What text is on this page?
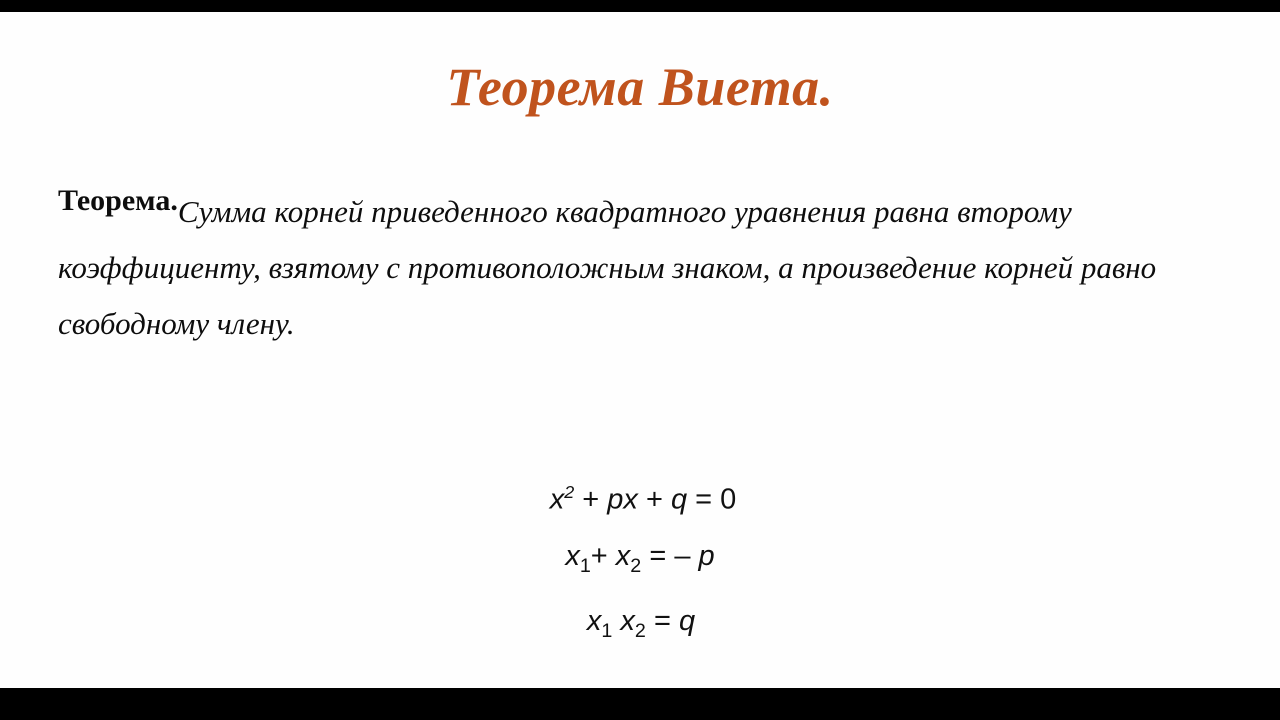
Теорема Виета.
Теорема.Сумма корней приведенного квадратного уравнения равна второму коэффициенту, взятому с противоположным знаком, а произведение корней равно свободному члену.
$x^2$ + px + q = 0
$x_1+ x_2$ = – p
$x_1$ $x_2 = q$
